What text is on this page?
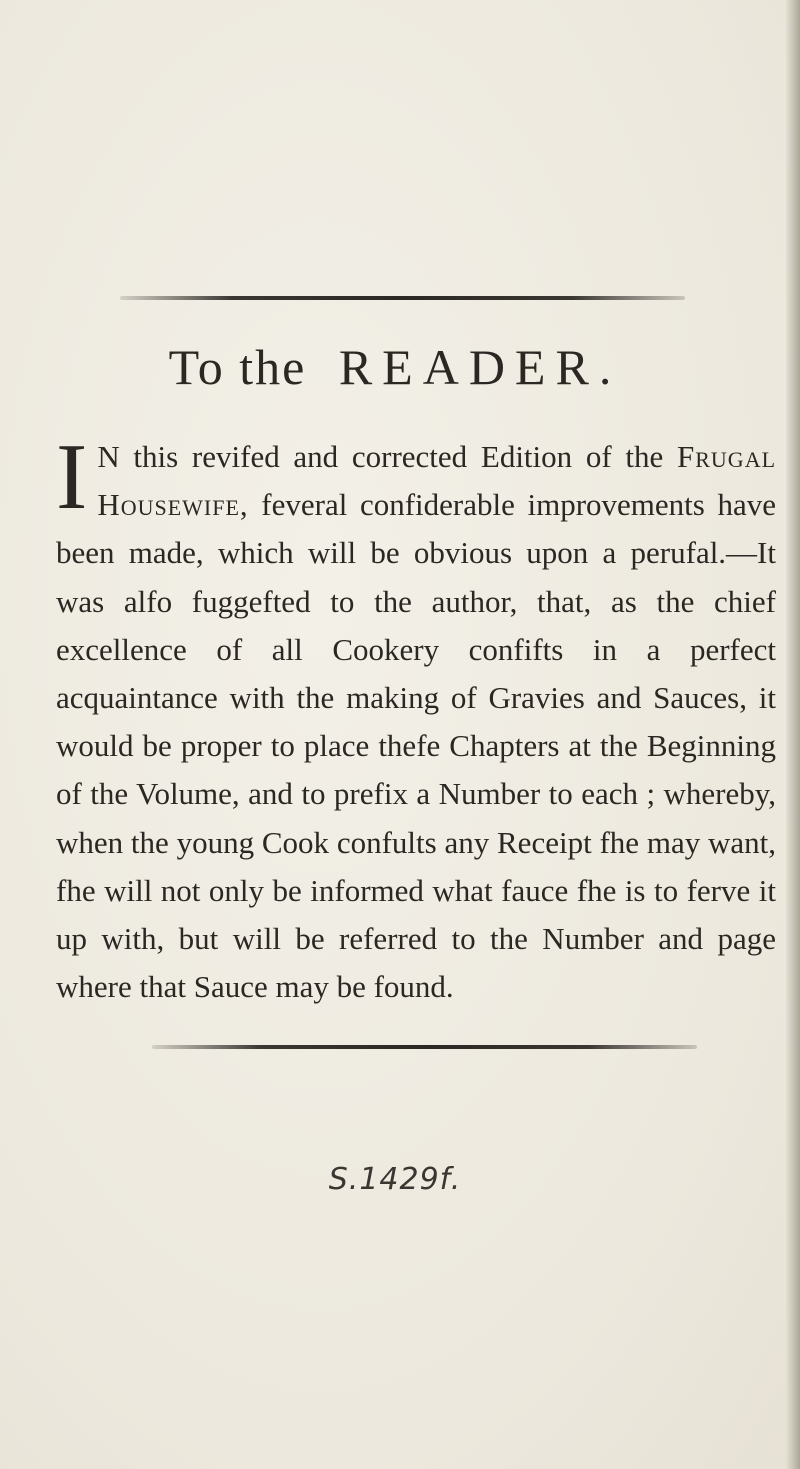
To the READER.
I N this revifed and corrected Edition of the Frugal Housewife, feveral confiderable improvements have been made, which will be obvious upon a perufal.—It was alfo fuggefted to the author, that, as the chief excellence of all Cookery confifts in a perfect acquaintance with the making of Gravies and Sauces, it would be proper to place thefe Chapters at the Beginning of the Volume, and to prefix a Number to each ; whereby, when the young Cook confults any Receipt fhe may want, fhe will not only be informed what fauce fhe is to ferve it up with, but will be referred to the Number and page where that Sauce may be found.
S.1429f.
